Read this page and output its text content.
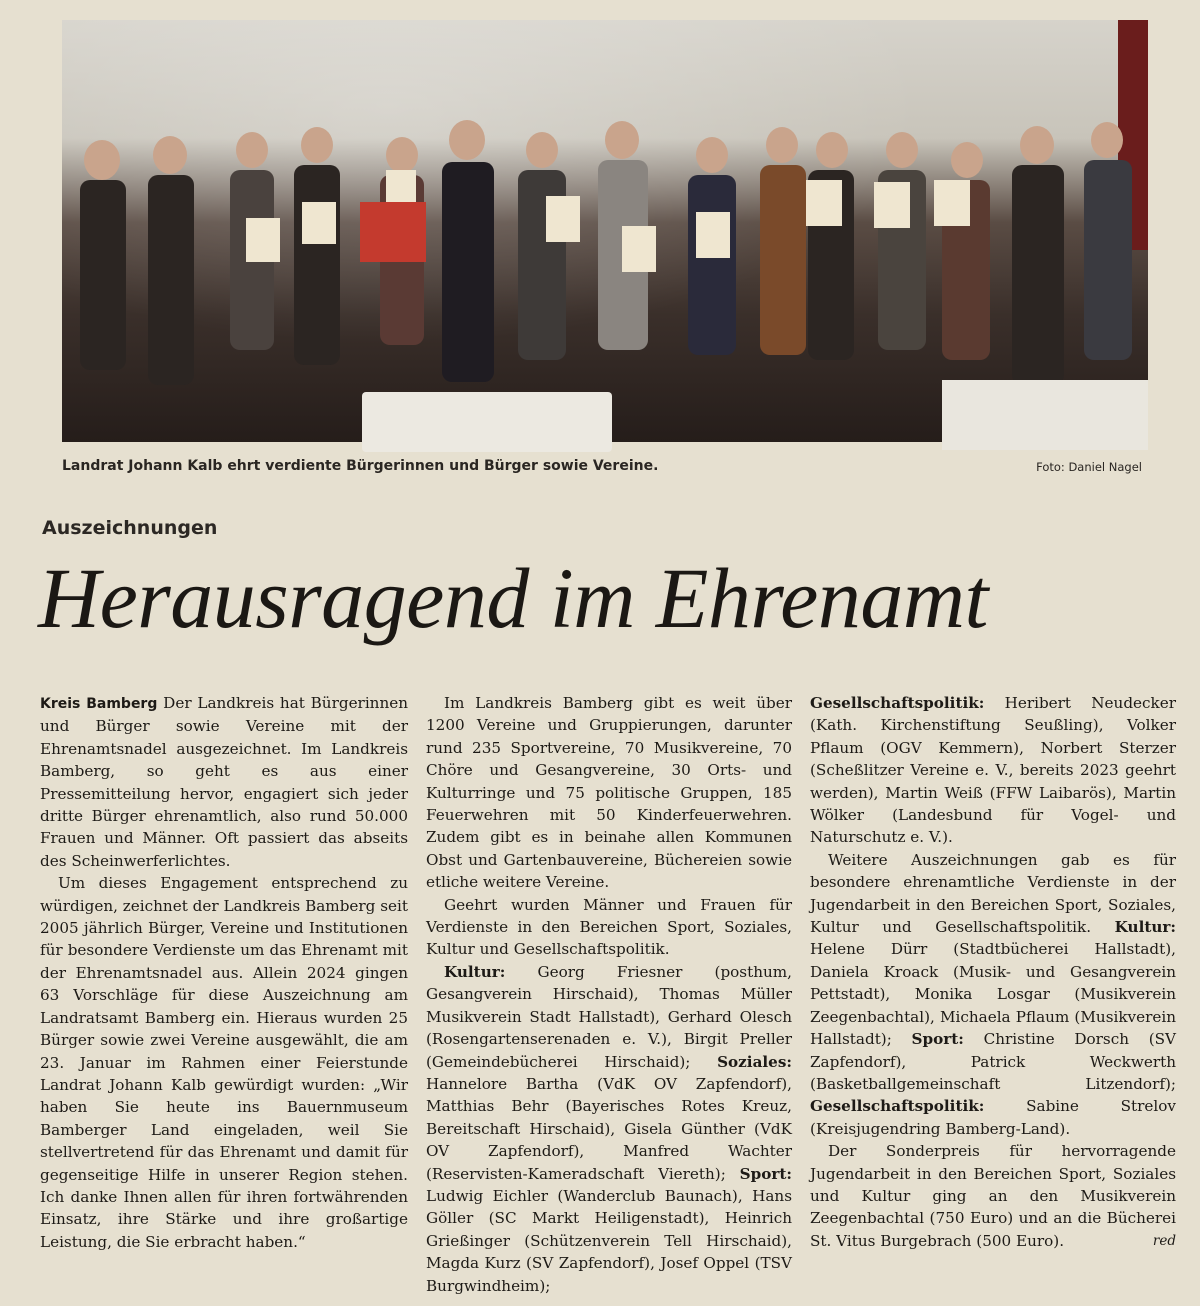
Landrat Johann Kalb ehrt verdiente Bürgerinnen und Bürger sowie Vereine.	Foto: Daniel Nagel
Auszeichnungen
Herausragend im Ehrenamt

Kreis Bamberg Der Landkreis hat Bürgerinnen und Bürger sowie Vereine mit der Ehrenamtsnadel ausgezeichnet. Im Landkreis Bamberg, so geht es aus einer Pressemitteilung hervor, engagiert sich jeder dritte Bürger ehrenamtlich, also rund 50.000 Frauen und Männer. Oft passiert das abseits des Scheinwerferlichtes.

Um dieses Engagement entsprechend zu würdigen, zeichnet der Landkreis Bamberg seit 2005 jährlich Bürger, Vereine und Institutionen für besondere Verdienste um das Ehrenamt mit der Ehrenamtsnadel aus. Allein 2024 gingen 63 Vorschläge für diese Auszeichnung am Landratsamt Bamberg ein. Hieraus wurden 25 Bürger sowie zwei Vereine ausgewählt, die am 23. Januar im Rahmen einer Feierstunde Landrat Johann Kalb gewürdigt wurden: „Wir haben Sie heute ins Bauernmuseum Bamberger Land eingeladen, weil Sie stellvertretend für das Ehrenamt und damit für gegenseitige Hilfe in unserer Region stehen. Ich danke Ihnen allen für ihren fortwährenden Einsatz, ihre Stärke und ihre großartige Leistung, die Sie erbracht haben.“

Im Landkreis Bamberg gibt es weit über 1200 Vereine und Gruppierungen, darunter rund 235 Sportvereine, 70 Musikvereine, 70 Chöre und Gesangvereine, 30 Orts- und Kulturringe und 75 politische Gruppen, 185 Feuerwehren mit 50 Kinderfeuerwehren. Zudem gibt es in beinahe allen Kommunen Obst und Gartenbauvereine, Büchereien sowie etliche weitere Vereine.

Geehrt wurden Männer und Frauen für Verdienste in den Bereichen Sport, Soziales, Kultur und Gesellschaftspolitik.

Kultur: Georg Friesner (posthum, Gesangverein Hirschaid), Thomas Müller Musikverein Stadt Hallstadt), Gerhard Olesch (Rosengartenserenaden e. V.), Birgit Preller (Gemeindebücherei Hirschaid); Soziales: Hannelore Bartha (VdK OV Zapfendorf), Matthias Behr (Bayerisches Rotes Kreuz, Bereitschaft Hirschaid), Gisela Günther (VdK OV Zapfendorf), Manfred Wachter (Reservisten-Kameradschaft Viereth); Sport: Ludwig Eichler (Wanderclub Baunach), Hans Göller (SC Markt Heiligenstadt), Heinrich Grießinger (Schützenverein Tell Hirschaid), Magda Kurz (SV Zapfendorf), Josef Oppel (TSV Burgwindheim);

Gesellschaftspolitik: Heribert Neudecker (Kath. Kirchenstiftung Seußling), Volker Pflaum (OGV Kemmern), Norbert Sterzer (Scheßlitzer Vereine e. V., bereits 2023 geehrt werden), Martin Weiß (FFW Laibarös), Martin Wölker (Landesbund für Vogel- und Naturschutz e. V.).

Weitere Auszeichnungen gab es für besondere ehrenamtliche Verdienste in der Jugendarbeit in den Bereichen Sport, Soziales, Kultur und Gesellschaftspolitik. Kultur: Helene Dürr (Stadtbücherei Hallstadt), Daniela Kroack (Musik- und Gesangverein Pettstadt), Monika Losgar (Musikverein Zeegenbachtal), Michaela Pflaum (Musikverein Hallstadt); Sport: Christine Dorsch (SV Zapfendorf), Patrick Weckwerth (Basketballgemeinschaft Litzendorf); Gesellschaftspolitik:	Sabine Strelov (Kreisjugendring Bamberg-Land).

Der Sonderpreis für hervorragende Jugendarbeit in den Bereichen Sport, Soziales und Kultur ging an den Musikverein Zeegenbachtal (750 Euro) und an die Bücherei St. Vitus Burgebrach (500 Euro).	red
